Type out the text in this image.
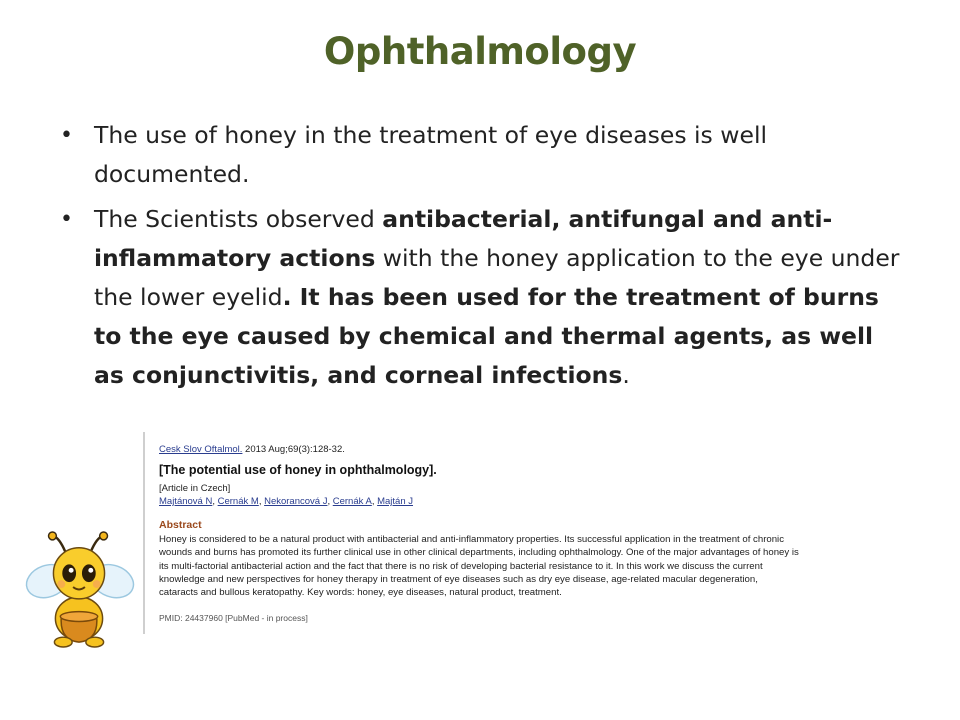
Ophthalmology
• The use of honey in the treatment of eye diseases is well documented.
• The Scientists observed antibacterial, antifungal and anti-inflammatory actions with the honey application to the eye under the lower eyelid. It has been used for the treatment of burns to the eye caused by chemical and thermal agents, as well as conjunctivitis, and corneal infections.
Cesk Slov Oftalmol. 2013 Aug;69(3):128-32.
[The potential use of honey in ophthalmology].
[Article in Czech]
Majtánová N, Cernák M, Nekorancová J, Cernák A, Majtán J
Abstract
Honey is considered to be a natural product with antibacterial and anti-inflammatory properties. Its successful application in the treatment of chronic wounds and burns has promoted its further clinical use in other clinical departments, including ophthalmology. One of the major advantages of honey is its multi-factorial antibacterial action and the fact that there is no risk of developing bacterial resistance to it. In this work we discuss the current knowledge and new perspectives for honey therapy in treatment of eye diseases such as dry eye disease, age-related macular degeneration, cataracts and bullous keratopathy. Key words: honey, eye diseases, natural product, treatment.
PMID: 24437960 [PubMed - in process]
